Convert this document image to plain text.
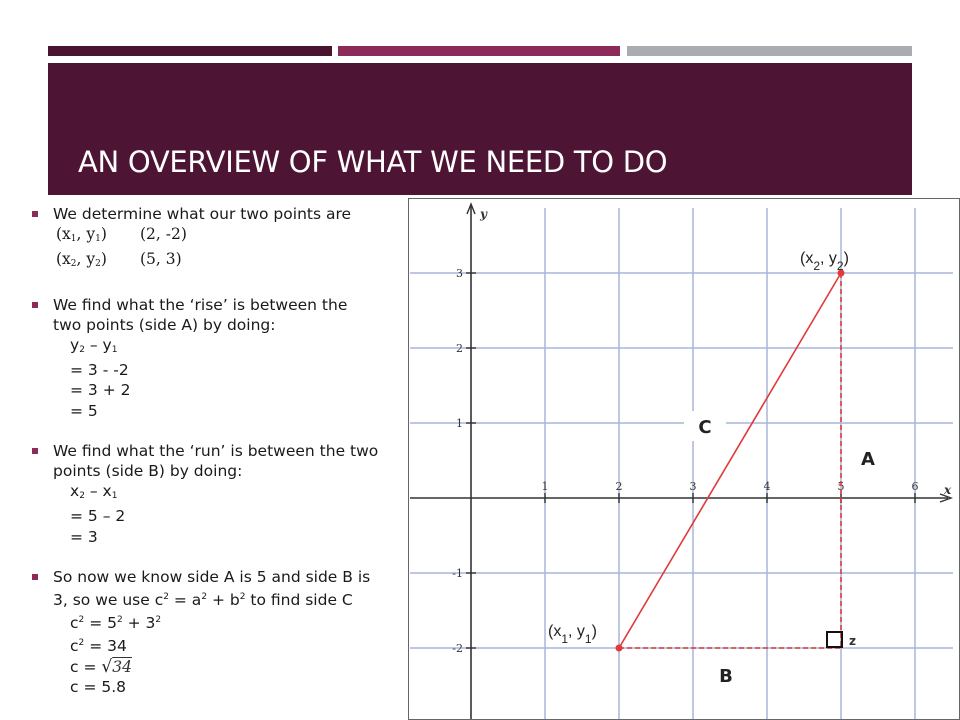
AN OVERVIEW OF WHAT WE NEED TO DO
We determine what our two points are
($x_1$, $y_1$) (2, -2)
($x_2$, $y_2$) (5, 3)
We find what the ‘rise’ is between the
two points (side A) by doing:
$y_2 - y_1$
= 3 - -2
= 3 + 2
= 5
We find what the ‘run’ is between the two
points (side B) by doing:
$x_2 - x_1$
= 5 – 2
= 3
So now we know side A is 5 and side B is
3, so we use $c^2 = a^2 + b^2$ to find side C
$c^2 = 5^2 + 3^2$
$c^2 = 34$
c = √34
c = 5.8
y
x
1	2	3	4	5	6
3
2
1
-1
-2
z
C
A
B
($x_2$, $y_2$)
($x_1$, $y_1$)
